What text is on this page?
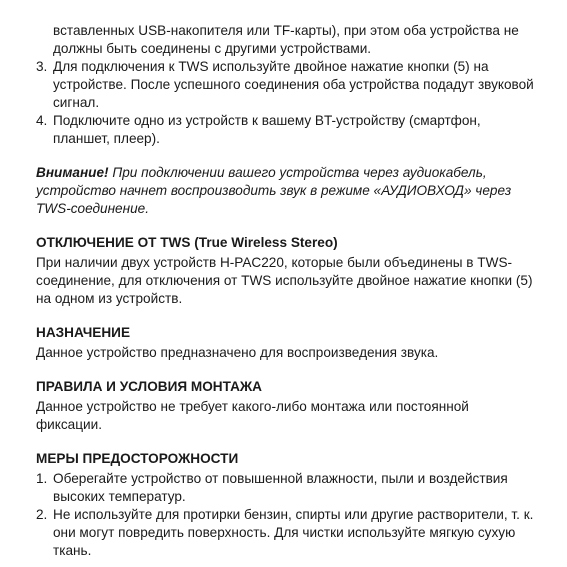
вставленных USB-накопителя или TF-карты), при этом оба устройства не должны быть соединены с другими устройствами.
3. Для подключения к TWS используйте двойное нажатие кнопки (5) на устройстве. После успешного соединения оба устройства подадут звуковой сигнал.
4. Подключите одно из устройств к вашему BT-устройству (смартфон, планшет, плеер).

Внимание! При подключении вашего устройства через аудиокабель, устройство начнет воспроизводить звук в режиме «АУДИОВХОД» через TWS-соединение.

ОТКЛЮЧЕНИЕ ОТ TWS (True Wireless Stereo)

При наличии двух устройств H-PAC220, которые были объединены в TWS-соединение, для отключения от TWS используйте двойное нажатие кнопки (5) на одном из устройств.

НАЗНАЧЕНИЕ

Данное устройство предназначено для воспроизведения звука.

ПРАВИЛА И УСЛОВИЯ МОНТАЖА

Данное устройство не требует какого-либо монтажа или постоянной фиксации.

МЕРЫ ПРЕДОСТОРОЖНОСТИ
1. Оберегайте устройство от повышенной влажности, пыли и воздействия высоких температур.
2. Не используйте для протирки бензин, спирты или другие растворители, т. к. они могут повредить поверхность. Для чистки используйте мягкую сухую ткань.
